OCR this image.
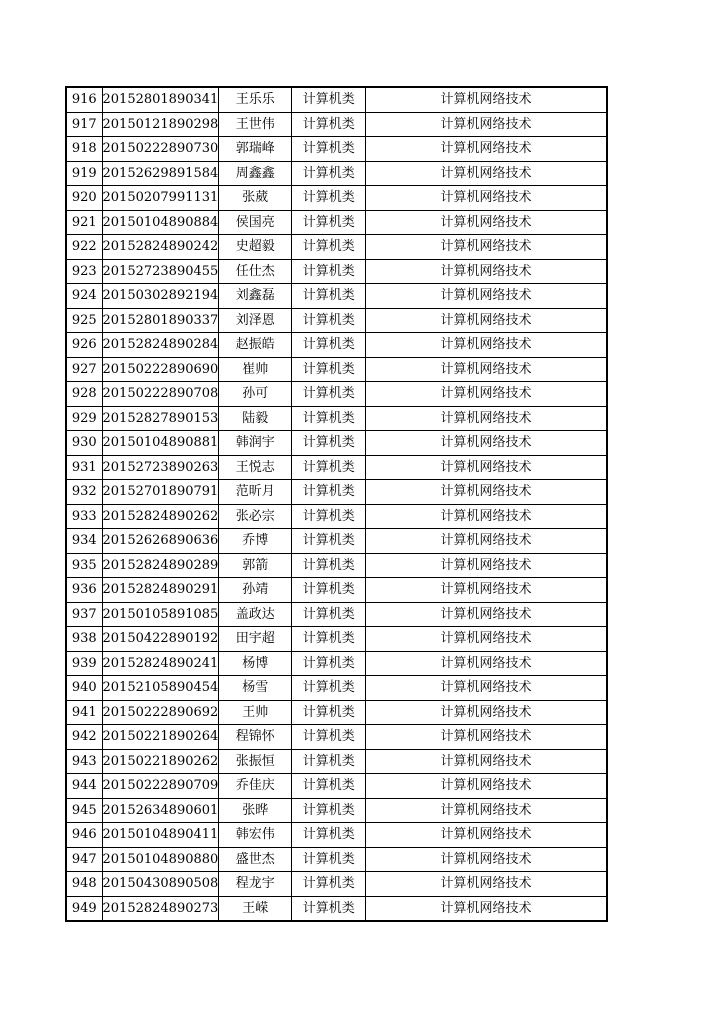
916	20152801890341	王乐乐	计算机类	计算机网络技术
917	20150121890298	王世伟	计算机类	计算机网络技术
918	20150222890730	郭瑞峰	计算机类	计算机网络技术
919	20152629891584	周鑫鑫	计算机类	计算机网络技术
920	20150207991131	张葳	计算机类	计算机网络技术
921	20150104890884	侯国亮	计算机类	计算机网络技术
922	20152824890242	史超毅	计算机类	计算机网络技术
923	20152723890455	任仕杰	计算机类	计算机网络技术
924	20150302892194	刘鑫磊	计算机类	计算机网络技术
925	20152801890337	刘泽恩	计算机类	计算机网络技术
926	20152824890284	赵振皓	计算机类	计算机网络技术
927	20150222890690	崔帅	计算机类	计算机网络技术
928	20150222890708	孙可	计算机类	计算机网络技术
929	20152827890153	陆毅	计算机类	计算机网络技术
930	20150104890881	韩润宇	计算机类	计算机网络技术
931	20152723890263	王悦志	计算机类	计算机网络技术
932	20152701890791	范昕月	计算机类	计算机网络技术
933	20152824890262	张必宗	计算机类	计算机网络技术
934	20152626890636	乔博	计算机类	计算机网络技术
935	20152824890289	郭箭	计算机类	计算机网络技术
936	20152824890291	孙靖	计算机类	计算机网络技术
937	20150105891085	盖政达	计算机类	计算机网络技术
938	20150422890192	田宇超	计算机类	计算机网络技术
939	20152824890241	杨博	计算机类	计算机网络技术
940	20152105890454	杨雪	计算机类	计算机网络技术
941	20150222890692	王帅	计算机类	计算机网络技术
942	20150221890264	程锦怀	计算机类	计算机网络技术
943	20150221890262	张振恒	计算机类	计算机网络技术
944	20150222890709	乔佳庆	计算机类	计算机网络技术
945	20152634890601	张晔	计算机类	计算机网络技术
946	20150104890411	韩宏伟	计算机类	计算机网络技术
947	20150104890880	盛世杰	计算机类	计算机网络技术
948	20150430890508	程龙宇	计算机类	计算机网络技术
949	20152824890273	王嵘	计算机类	计算机网络技术
